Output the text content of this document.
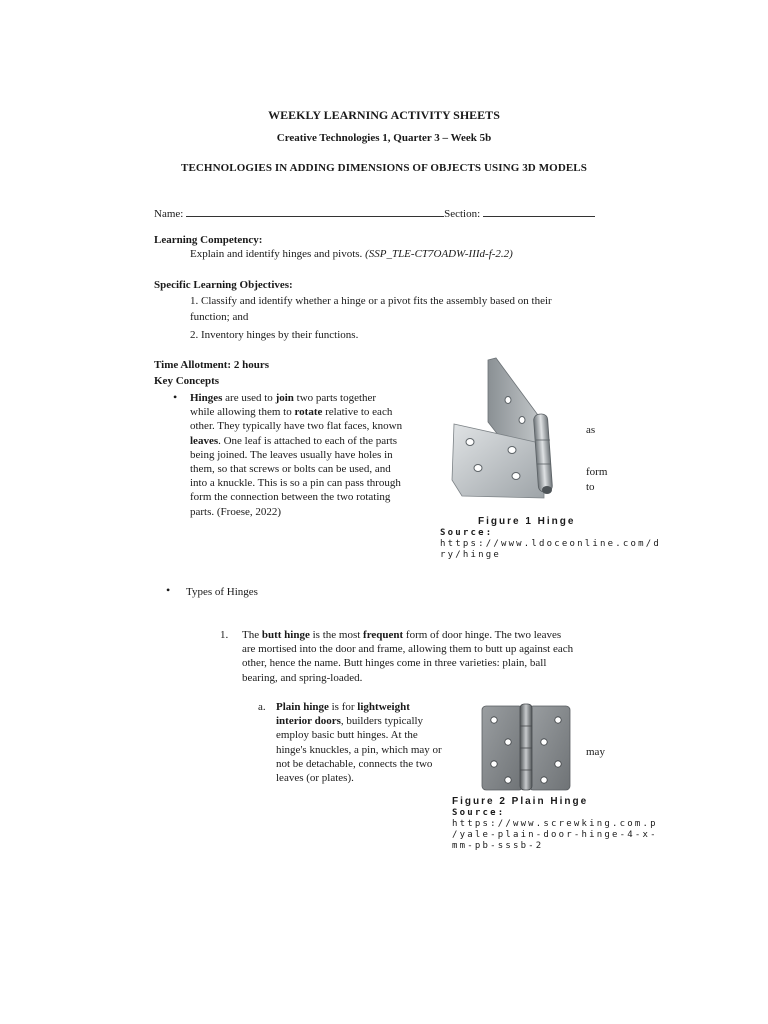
WEEKLY LEARNING ACTIVITY SHEETS
Creative Technologies 1, Quarter 3 – Week 5b
TECHNOLOGIES IN ADDING DIMENSIONS OF OBJECTS USING 3D MODELS
Name:	Section:
Learning Competency:
Explain and identify hinges and pivots. (SSP_TLE-CT7OADW-IIId-f-2.2)
Specific Learning Objectives:
1. Classify and identify whether a hinge or a pivot fits the assembly based on their
function; and
2. Inventory hinges by their functions.
Time Allotment: 2 hours
Key Concepts
• Hinges are used to join two parts together
while allowing them to rotate relative to each
other. They typically have two flat faces, known
leaves. One leaf is attached to each of the parts
being joined. The leaves usually have holes in
them, so that screws or bolts can be used, and
into a knuckle. This is so a pin can pass through
form the connection between the two rotating
parts. (Froese, 2022)
as
form
to
Figure 1 Hinge
Source:
https://www.ldoceonline.com/d
ry/hinge
• Types of Hinges
1. The butt hinge is the most frequent form of door hinge. The two leaves
are mortised into the door and frame, allowing them to butt up against each
other, hence the name. Butt hinges come in three varieties: plain, ball
bearing, and spring-loaded.
a. Plain hinge is for lightweight
interior doors, builders typically
employ basic butt hinges. At the
hinge's knuckles, a pin, which may or
not be detachable, connects the two
leaves (or plates).
may
Figure 2 Plain Hinge
Source:
https://www.screwking.com.p
/yale-plain-door-hinge-4-x-
mm-pb-sssb-2
